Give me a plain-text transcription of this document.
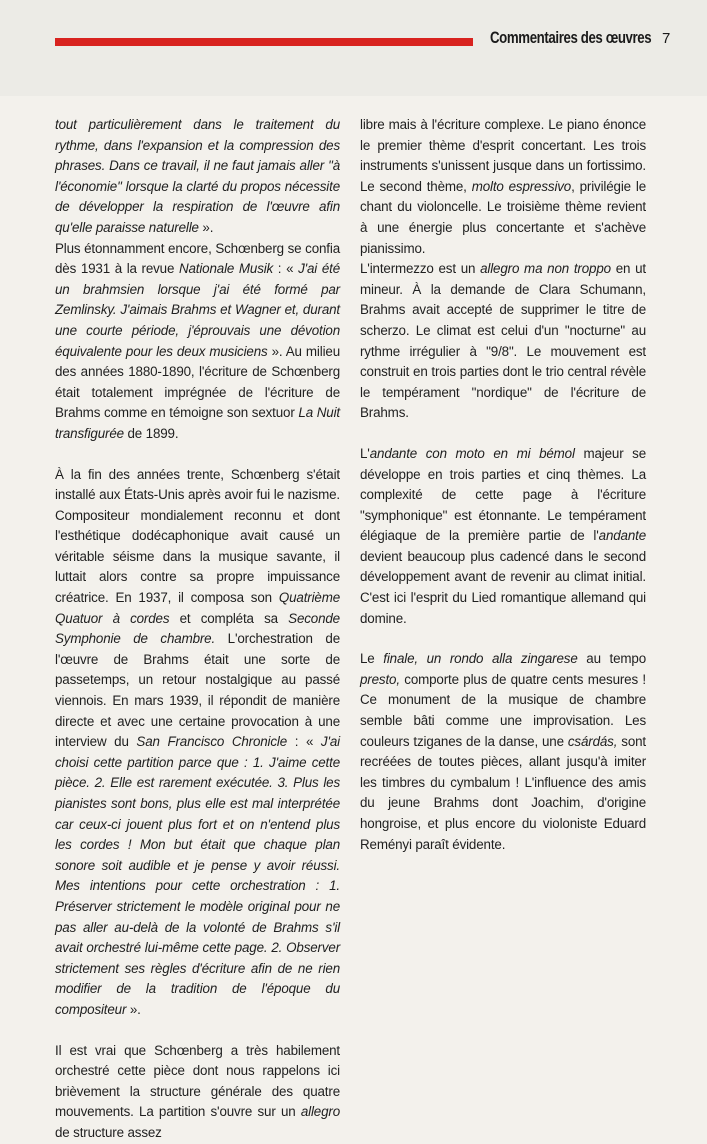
Commentaires des œuvres 7

tout particulièrement dans le traitement du rythme, dans l'expansion et la compression des phrases. Dans ce travail, il ne faut jamais aller "à l'économie" lorsque la clarté du propos nécessite de développer la respiration de l'œuvre afin qu'elle paraisse naturelle ».

Plus étonnamment encore, Schœnberg se confia dès 1931 à la revue Nationale Musik : « J'ai été un brahmsien lorsque j'ai été formé par Zemlinsky. J'aimais Brahms et Wagner et, durant une courte période, j'éprouvais une dévotion équivalente pour les deux musiciens ». Au milieu des années 1880-1890, l'écriture de Schœnberg était totalement imprégnée de l'écriture de Brahms comme en témoigne son sextuor La Nuit transfigurée de 1899.

À la fin des années trente, Schœnberg s'était installé aux États-Unis après avoir fui le nazisme. Compositeur mondialement reconnu et dont l'esthétique dodécaphonique avait causé un véritable séisme dans la musique savante, il luttait alors contre sa propre impuissance créatrice. En 1937, il composa son Quatrième Quatuor à cordes et compléta sa Seconde Symphonie de chambre. L'orchestration de l'œuvre de Brahms était une sorte de passetemps, un retour nostalgique au passé viennois. En mars 1939, il répondit de manière directe et avec une certaine provocation à une interview du San Francisco Chronicle : « J'ai choisi cette partition parce que : 1. J'aime cette pièce. 2. Elle est rarement exécutée. 3. Plus les pianistes sont bons, plus elle est mal interprétée car ceux-ci jouent plus fort et on n'entend plus les cordes ! Mon but était que chaque plan sonore soit audible et je pense y avoir réussi. Mes intentions pour cette orchestration : 1. Préserver strictement le modèle original pour ne pas aller au-delà de la volonté de Brahms s'il avait orchestré lui-même cette page. 2. Observer strictement ses règles d'écriture afin de ne rien modifier de la tradition de l'époque du compositeur ».

Il est vrai que Schœnberg a très habilement orchestré cette pièce dont nous rappelons ici brièvement la structure générale des quatre mouvements. La partition s'ouvre sur un allegro de structure assez

libre mais à l'écriture complexe. Le piano énonce le premier thème d'esprit concertant. Les trois instruments s'unissent jusque dans un fortissimo. Le second thème, molto espressivo, privilégie le chant du violoncelle. Le troisième thème revient à une énergie plus concertante et s'achève pianissimo.

L'intermezzo est un allegro ma non troppo en ut mineur. À la demande de Clara Schumann, Brahms avait accepté de supprimer le titre de scherzo. Le climat est celui d'un "nocturne" au rythme irrégulier à "9/8". Le mouvement est construit en trois parties dont le trio central révèle le tempérament "nordique" de l'écriture de Brahms.

L'andante con moto en mi bémol majeur se développe en trois parties et cinq thèmes. La complexité de cette page à l'écriture "symphonique" est étonnante. Le tempérament élégiaque de la première partie de l'andante devient beaucoup plus cadencé dans le second développement avant de revenir au climat initial. C'est ici l'esprit du Lied romantique allemand qui domine.

Le finale, un rondo alla zingarese au tempo presto, comporte plus de quatre cents mesures ! Ce monument de la musique de chambre semble bâti comme une improvisation. Les couleurs tziganes de la danse, une csárdás, sont recréées de toutes pièces, allant jusqu'à imiter les timbres du cymbalum ! L'influence des amis du jeune Brahms dont Joachim, d'origine hongroise, et plus encore du violoniste Eduard Reményi paraît évidente.
